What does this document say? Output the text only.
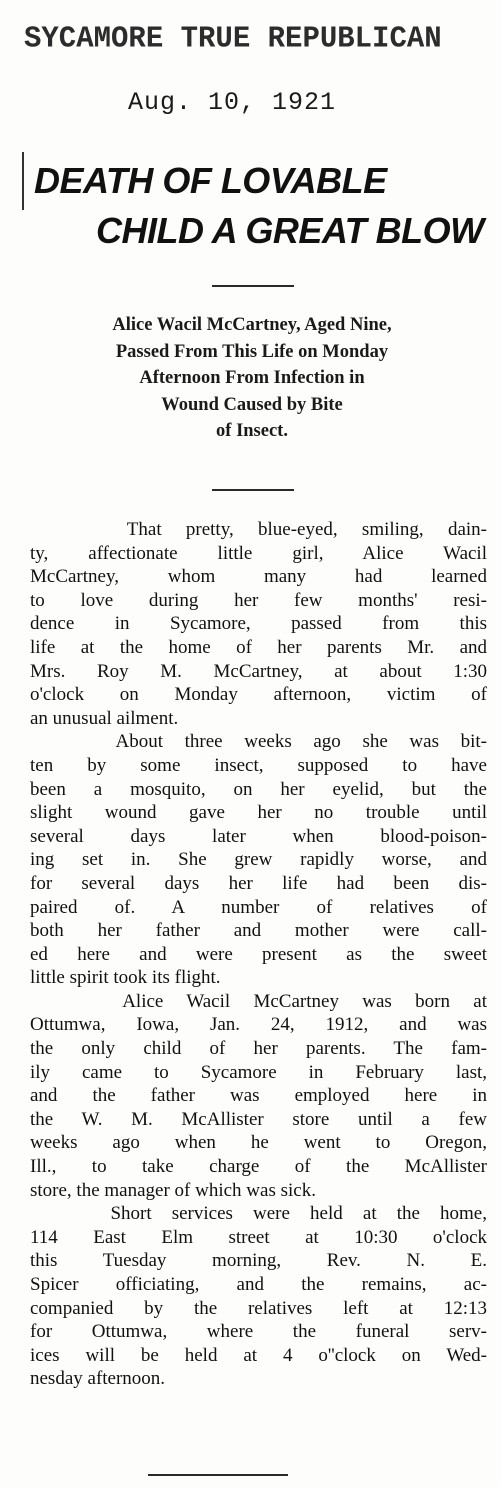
SYCAMORE TRUE REPUBLICAN
Aug. 10, 1921
DEATH OF LOVABLE
CHILD A GREAT BLOW
Alice Wacil McCartney, Aged Nine,
Passed From This Life on Monday
Afternoon From Infection in
Wound Caused by Bite
of Insect.
That pretty, blue-eyed, smiling, dain-
ty, affectionate little girl, Alice Wacil
McCartney, whom many had learned
to love during her few months' resi-
dence in Sycamore, passed from this
life at the home of her parents Mr. and
Mrs. Roy M. McCartney, at about 1:30
o'clock on Monday afternoon, victim of
an unusual ailment.
About three weeks ago she was bit-
ten by some insect, supposed to have
been a mosquito, on her eyelid, but the
slight wound gave her no trouble until
several days later when blood-poison-
ing set in. She grew rapidly worse, and
for several days her life had been dis-
paired of. A number of relatives of
both her father and mother were call-
ed here and were present as the sweet
little spirit took its flight.
Alice Wacil McCartney was born at
Ottumwa, Iowa, Jan. 24, 1912, and was
the only child of her parents. The fam-
ily came to Sycamore in February last,
and the father was employed here in
the W. M. McAllister store until a few
weeks ago when he went to Oregon,
Ill., to take charge of the McAllister
store, the manager of which was sick.
Short services were held at the home,
114 East Elm street at 10:30 o'clock
this Tuesday morning, Rev. N. E.
Spicer officiating, and the remains, ac-
companied by the relatives left at 12:13
for Ottumwa, where the funeral serv-
ices will be held at 4 o''clock on Wed-
nesday afternoon.
